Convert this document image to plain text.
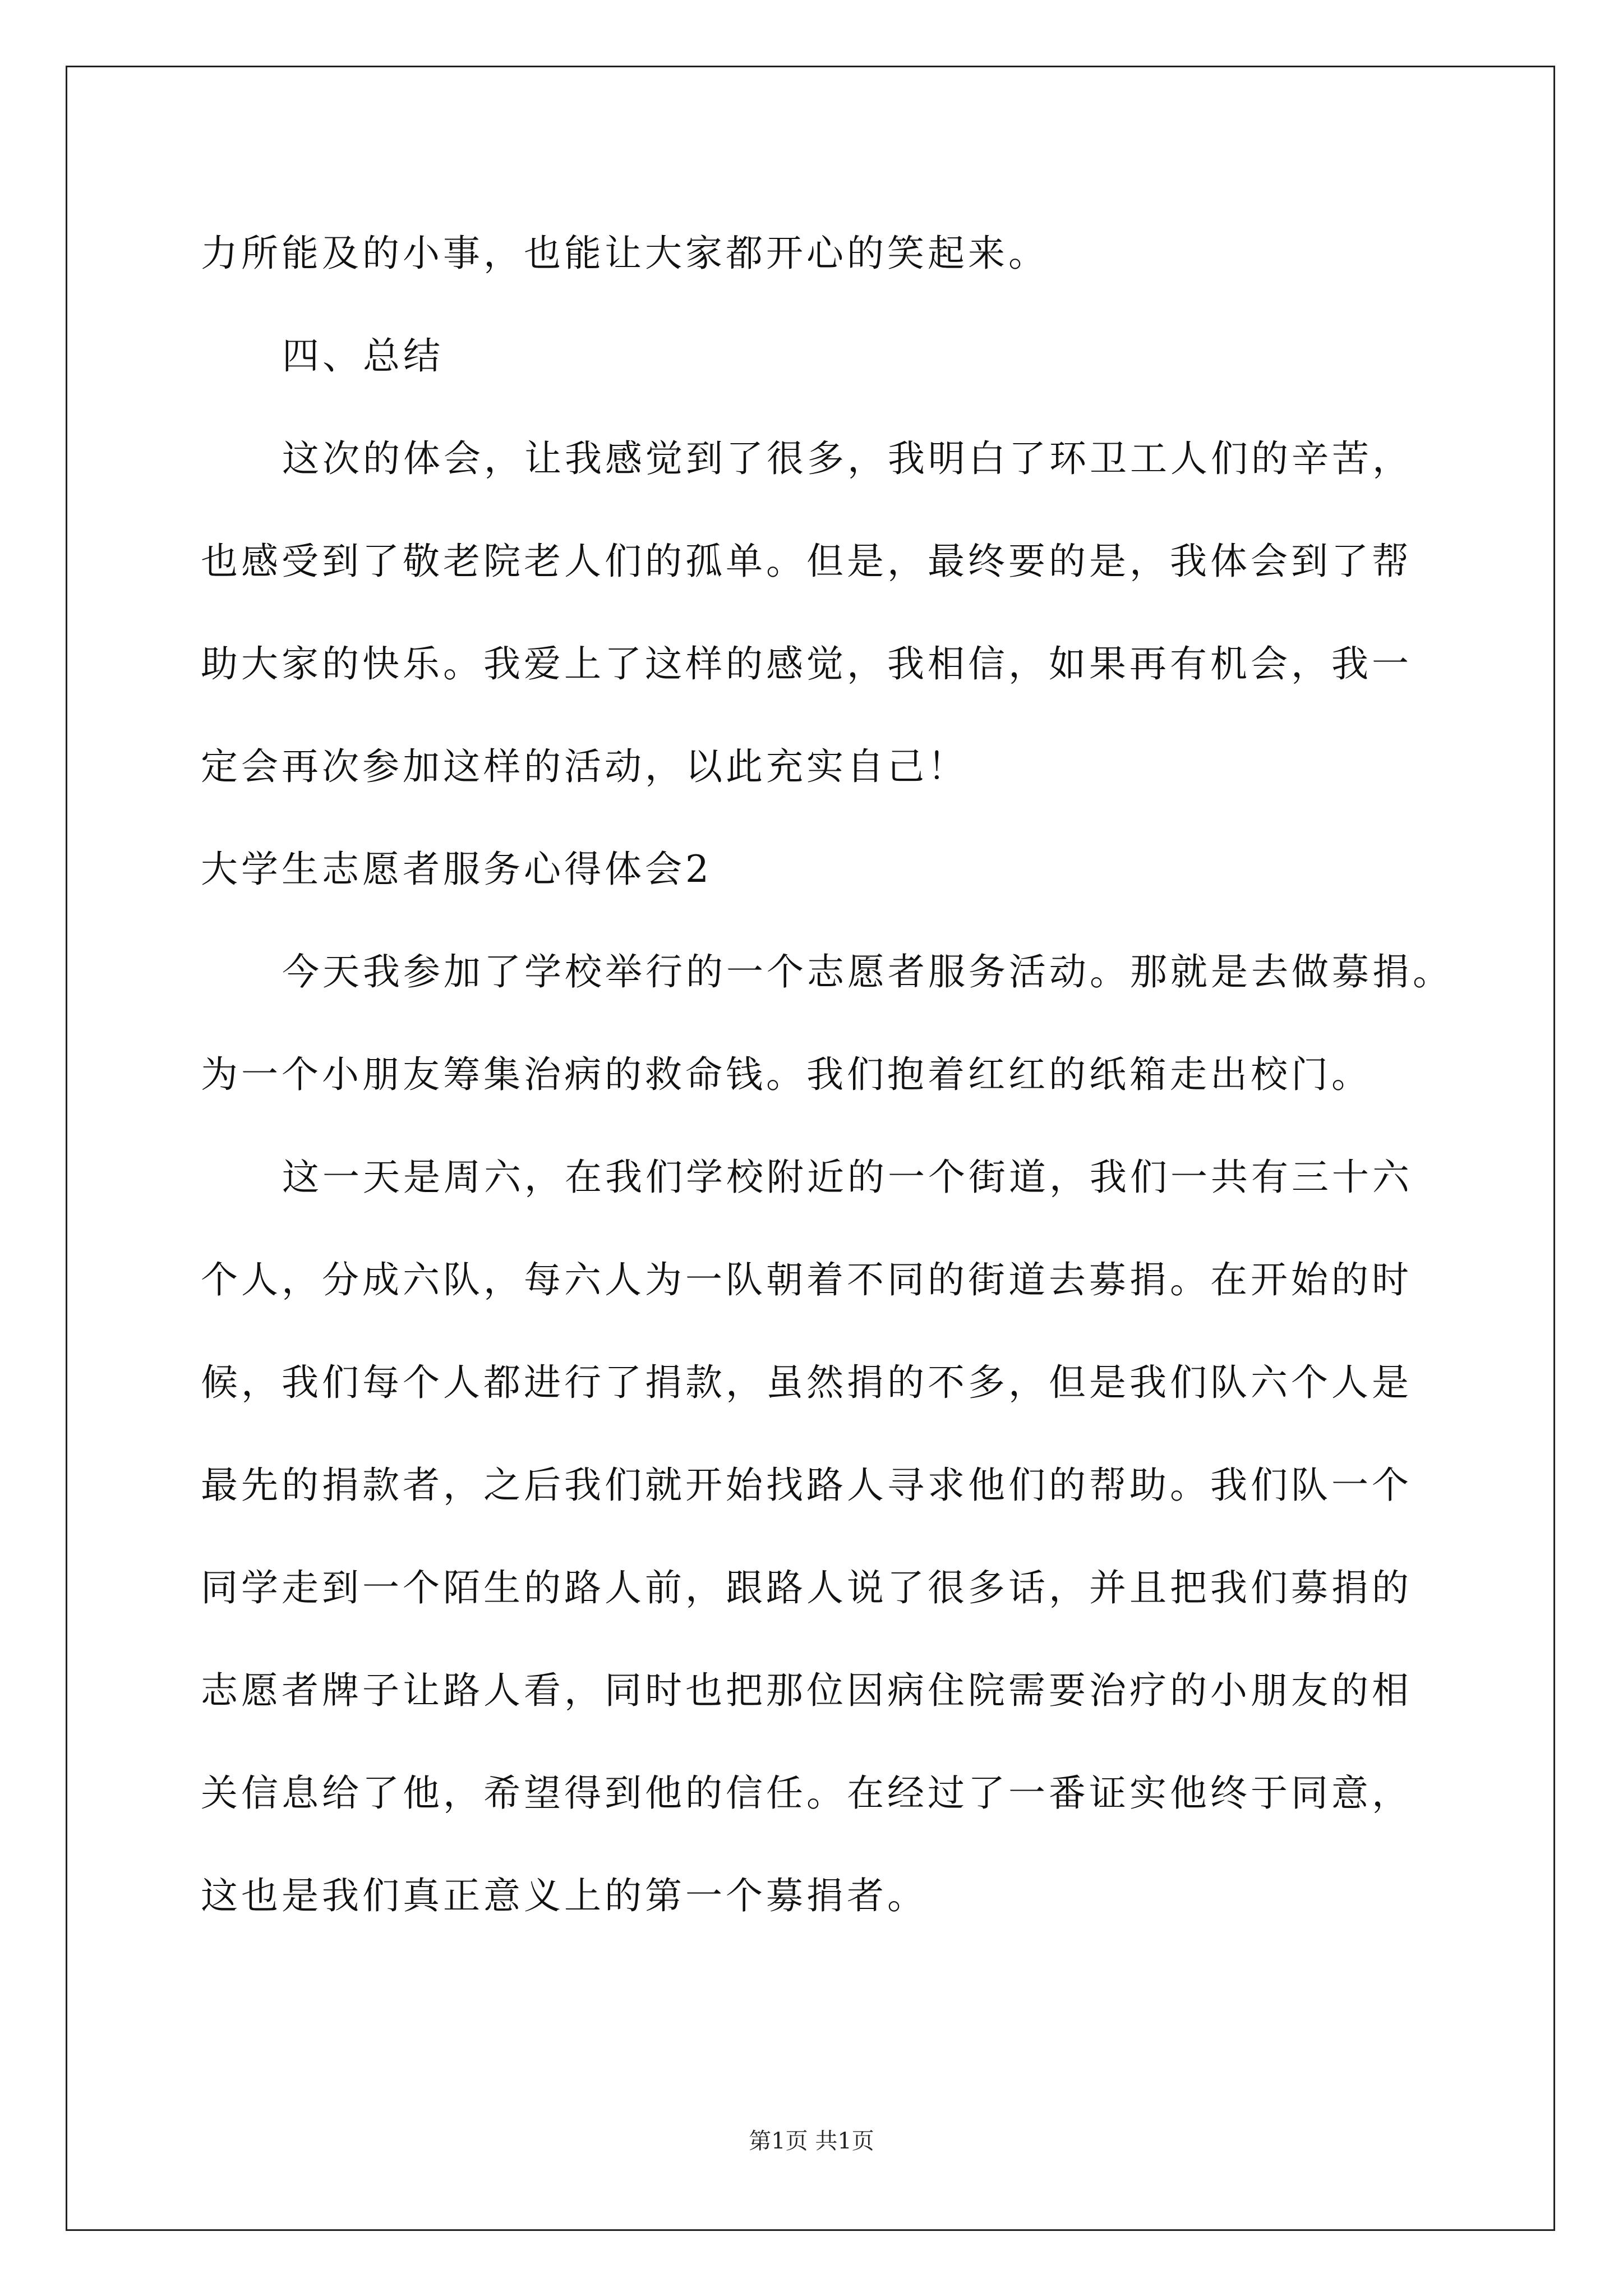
力所能及的小事，也能让大家都开心的笑起来。
四、总结
这次的体会，让我感觉到了很多，我明白了环卫工人们的辛苦，
也感受到了敬老院老人们的孤单。但是，最终要的是，我体会到了帮
助大家的快乐。我爱上了这样的感觉，我相信，如果再有机会，我一
定会再次参加这样的活动，以此充实自己！
大学生志愿者服务心得体会2
今天我参加了学校举行的一个志愿者服务活动。那就是去做募捐。
为一个小朋友筹集治病的救命钱。我们抱着红红的纸箱走出校门。
这一天是周六，在我们学校附近的一个街道，我们一共有三十六
个人，分成六队，每六人为一队朝着不同的街道去募捐。在开始的时
候，我们每个人都进行了捐款，虽然捐的不多，但是我们队六个人是
最先的捐款者，之后我们就开始找路人寻求他们的帮助。我们队一个
同学走到一个陌生的路人前，跟路人说了很多话，并且把我们募捐的
志愿者牌子让路人看，同时也把那位因病住院需要治疗的小朋友的相
关信息给了他，希望得到他的信任。在经过了一番证实他终于同意，
这也是我们真正意义上的第一个募捐者。
第1页 共1页
